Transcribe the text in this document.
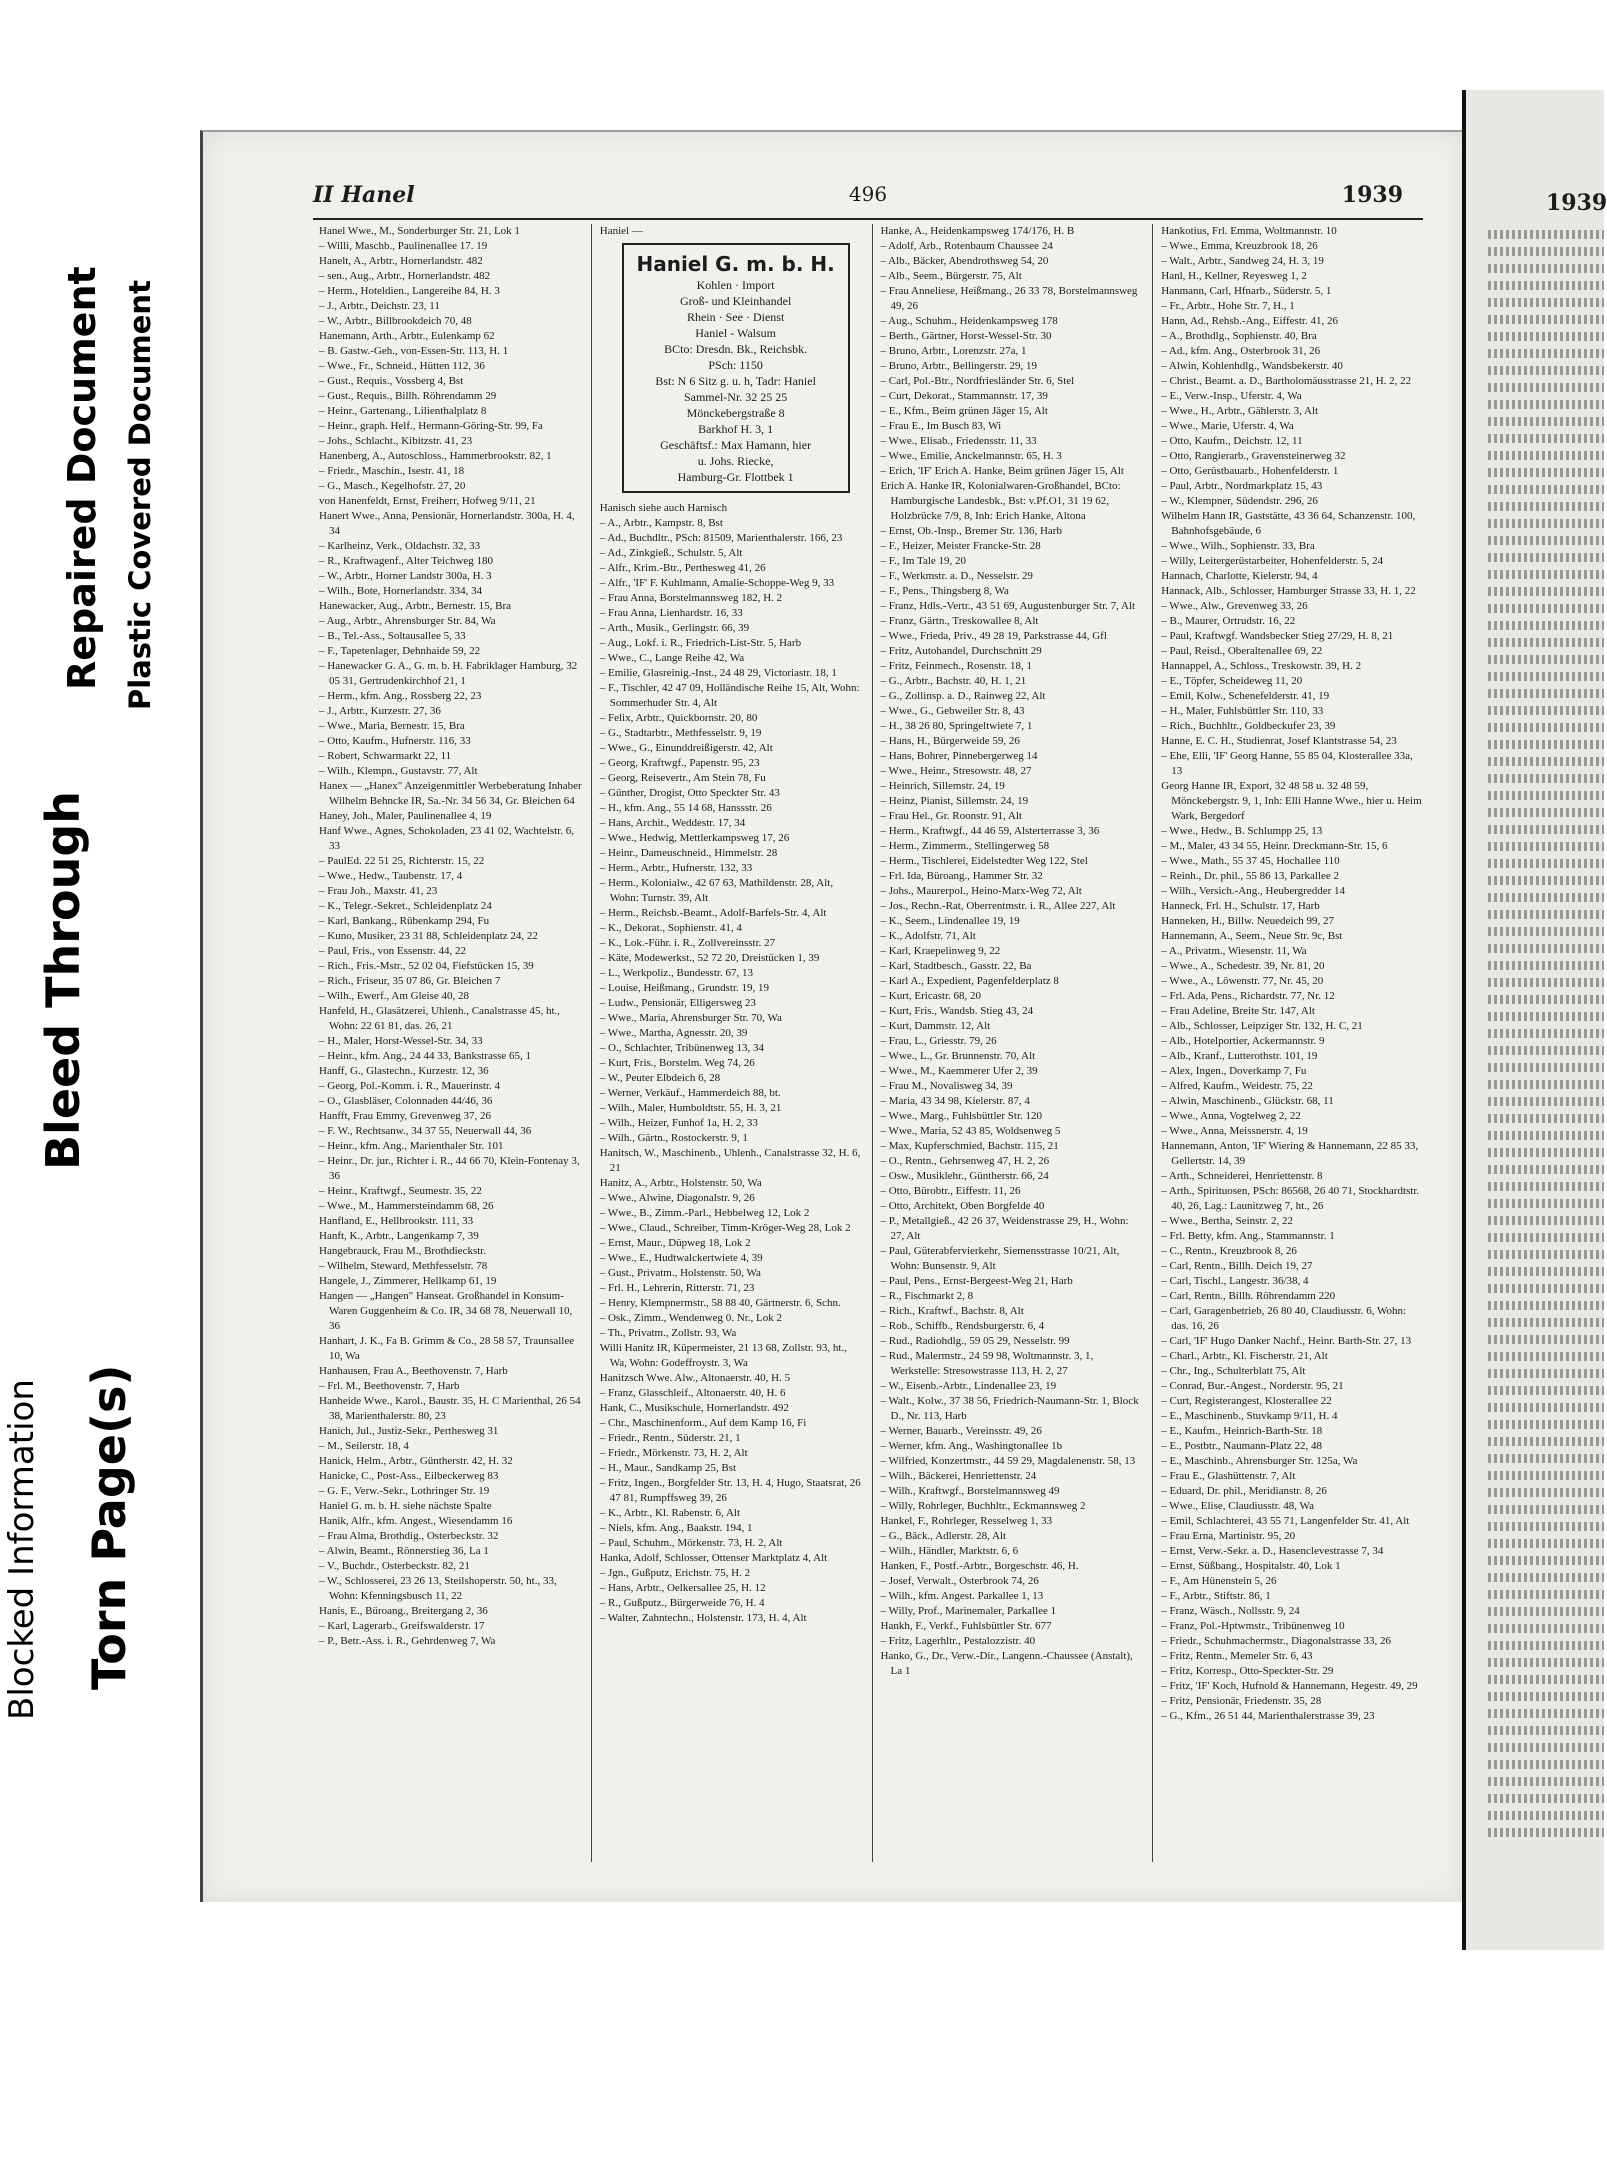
Blocked Information Torn Page(s)
Bleed Through
Repaired Document Plastic Covered Document
II Hanel	496	1939
Hanel Wwe., M., Sonderburger Str. 21, Lok 1
– Willi, Maschb., Paulinenallee 17. 19
Hanelt, A., Arbtr., Hornerlandstr. 482
– sen., Aug., Arbtr., Hornerlandstr. 482
– Herm., Hoteldien., Langereihe 84, H. 3
– J., Arbtr., Deichstr. 23, 11
– W., Arbtr., Billbrookdeich 70, 48
Hanemann, Arth., Arbtr., Eulenkamp 62
– B. Gastw.-Geh., von-Essen-Str. 113, H. 1
– Wwe., Fr., Schneid., Hütten 112, 36
– Gust., Requis., Vossberg 4, Bst
– Gust., Requis., Billh. Röhrendamm 29
– Heinr., Gartenang., Lilienthalplatz 8
– Heinr., graph. Helf., Hermann-Göring-Str. 99, Fa
– Johs., Schlacht., Kibitzstr. 41, 23
Hanenberg, A., Autoschloss., Hammerbrookstr. 82, 1
– Friedr., Maschin., Isestr. 41, 18
– G., Masch., Kegelhofstr. 27, 20
von Hanenfeldt, Ernst, Freiherr, Hofweg 9/11, 21
Hanert Wwe., Anna, Pensionär, Hornerlandstr. 300a, H. 4, 34
– Karlheinz, Verk., Oldachstr. 32, 33
– R., Kraftwagenf., Alter Teichweg 180
– W., Arbtr., Horner Landstr 300a, H. 3
– Wilh., Bote, Hornerlandstr. 334, 34
Hanewacker, Aug., Arbtr., Bernestr. 15, Bra
– Aug., Arbtr., Ahrensburger Str. 84, Wa
– B., Tel.-Ass., Soltausallee 5, 33
– F., Tapetenlager, Dehnhaide 59, 22
– Hanewacker G. A., G. m. b. H. Fabriklager Hamburg, 32 05 31, Gertrudenkirchhof 21, 1
– Herm., kfm. Ang., Rossberg 22, 23
– J., Arbtr., Kurzestr. 27, 36
– Wwe., Maria, Bernestr. 15, Bra
– Otto, Kaufm., Hufnerstr. 116, 33
– Robert, Schwarmarkt 22, 11
– Wilh., Klempn., Gustavstr. 77, Alt
Hanex — „Hanex" Anzeigenmittler Werbeberatung Inhaber Wilhelm Behncke IR, Sa.-Nr. 34 56 34, Gr. Bleichen 64
Haney, Joh., Maler, Paulinenallee 4, 19
Hanf Wwe., Agnes, Schokoladen, 23 41 02, Wachtelstr. 6, 33
– PaulEd. 22 51 25, Richterstr. 15, 22
– Wwe., Hedw., Taubenstr. 17, 4
– Frau Joh., Maxstr. 41, 23
– K., Telegr.-Sekret., Schleidenplatz 24
– Karl, Bankang., Rübenkamp 294, Fu
– Kuno, Musiker, 23 31 88, Schleidenplatz 24, 22
– Paul, Fris., von Essenstr. 44, 22
– Rich., Fris.-Mstr., 52 02 04, Fiefstücken 15, 39
– Rich., Friseur, 35 07 86, Gr. Bleichen 7
– Wilh., Ewerf., Am Gleise 40, 28
Hanfeld, H., Glasätzerei, Uhlenh., Canalstrasse 45, ht., Wohn: 22 61 81, das. 26, 21
– H., Maler, Horst-Wessel-Str. 34, 33
– Heinr., kfm. Ang., 24 44 33, Bankstrasse 65, 1
Hanff, G., Glastechn., Kurzestr. 12, 36
– Georg, Pol.-Komm. i. R., Mauerinstr. 4
– O., Glasbläser, Colonnaden 44/46, 36
Hanfft, Frau Emmy, Grevenweg 37, 26
– F. W., Rechtsanw., 34 37 55, Neuerwall 44, 36
– Heinr., kfm. Ang., Marienthaler Str. 101
– Heinr., Dr. jur., Richter i. R., 44 66 70, Klein-Fontenay 3, 36
– Heinr., Kraftwgf., Seumestr. 35, 22
– Wwe., M., Hammersteindamm 68, 26
Hanfland, E., Hellbrookstr. 111, 33
Hanft, K., Arbtr., Langenkamp 7, 39
Hangebrauck, Frau M., Brothdieckstr.
– Wilhelm, Steward, Methfesselstr. 78
Hangele, J., Zimmerer, Hellkamp 61, 19
Hangen — „Hangen" Hanseat. Großhandel in Konsum-Waren Guggenheim & Co. IR, 34 68 78, Neuerwall 10, 36
Hanhart, J. K., Fa B. Grimm & Co., 28 58 57, Traunsallee 10, Wa
Hanhausen, Frau A., Beethovenstr. 7, Harb
– Frl. M., Beethovenstr. 7, Harb
Hanheide Wwe., Karol., Baustr. 35, H. C Marienthal, 26 54 38, Marienthalerstr. 80, 23
Hanich, Jul., Justiz-Sekr., Perthesweg 31
– M., Seilerstr. 18, 4
Hanick, Helm., Arbtr., Güntherstr. 42, H. 32
Hanicke, C., Post-Ass., Eilbeckerweg 83
– G. F., Verw.-Sekr., Lothringer Str. 19
Haniel G. m. b. H. siehe nächste Spalte
Hanik, Alfr., kfm. Angest., Wiesendamm 16
– Frau Alma, Brothdig., Osterbeckstr. 32
– Alwin, Beamt., Rönnerstieg 36, La 1
– V., Buchdr., Osterbeckstr. 82, 21
– W., Schlosserei, 23 26 13, Steilshoperstr. 50, ht., 33, Wohn: Kfenningsbusch 11, 22
Hanis, E., Büroang., Breitergang 2, 36
– Karl, Lagerarb., Greifswalderstr. 17
– P., Betr.-Ass. i. R., Gehrdenweg 7, Wa
Haniel —
Haniel G. m. b. H.
Kohlen · Import
Groß- und Kleinhandel
Rhein · See · Dienst
Haniel - Walsum
BCto: Dresdn. Bk., Reichsbk.
PSch: 1150
Bst: N 6 Sitz g. u. h, Tadr: Haniel
Sammel-Nr. 32 25 25
Mönckebergstraße 8
Barkhof H. 3, 1
Geschäftsf.: Max Hamann, hier
u. Johs. Riecke,
Hamburg-Gr. Flottbek 1
Hanisch siehe auch Harnisch
– A., Arbtr., Kampstr. 8, Bst
– Ad., Buchdltr., PSch: 81509, Marienthalerstr. 166, 23
– Ad., Zinkgieß., Schulstr. 5, Alt
– Alfr., Krim.-Btr., Perthesweg 41, 26
– Alfr., 'IF' F. Kuhlmann, Amalie-Schoppe-Weg 9, 33
– Frau Anna, Borstelmannsweg 182, H. 2
– Frau Anna, Lienhardstr. 16, 33
– Arth., Musik., Gerlingstr. 66, 39
– Aug., Lokf. i. R., Friedrich-List-Str. 5, Harb
– Wwe., C., Lange Reihe 42, Wa
– Emilie, Glasreinig.-Inst., 24 48 29, Victoriastr. 18, 1
– F., Tischler, 42 47 09, Holländische Reihe 15, Alt, Wohn: Sommerhuder Str. 4, Alt
– Felix, Arbtr., Quickbornstr. 20, 80
– G., Stadtarbtr., Methfesselstr. 9, 19
– Wwe., G., Einunddreißigerstr. 42, Alt
– Georg, Kraftwgf., Papenstr. 95, 23
– Georg, Reisevertr., Am Stein 78, Fu
– Günther, Drogist, Otto Speckter Str. 43
– H., kfm. Ang., 55 14 68, Hanssstr. 26
– Hans, Archit., Weddestr. 17, 34
– Wwe., Hedwig, Mettlerkampsweg 17, 26
– Heinr., Dameuschneid., Himmelstr. 28
– Herm., Arbtr., Hufnerstr. 132, 33
– Herm., Kolonialw., 42 67 63, Mathildenstr. 28, Alt, Wohn: Turnstr. 39, Alt
– Herm., Reichsb.-Beamt., Adolf-Barfels-Str. 4, Alt
– K., Dekorat., Sophienstr. 41, 4
– K., Lok.-Führ. i. R., Zollvereinsstr. 27
– Käte, Modewerkst., 52 72 20, Dreistücken 1, 39
– L., Werkpoliz., Bundesstr. 67, 13
– Louise, Heißmang., Grundstr. 19, 19
– Ludw., Pensionär, Elligersweg 23
– Wwe., Maria, Ahrensburger Str. 70, Wa
– Wwe., Martha, Agnesstr. 20, 39
– O., Schlachter, Tribünenweg 13, 34
– Kurt, Fris., Borstelm. Weg 74, 26
– W., Peuter Elbdeich 6, 28
– Werner, Verkäuf., Hammerdeich 88, bt.
– Wilh., Maler, Humboldtstr. 55, H. 3, 21
– Wilh., Heizer, Funhof 1a, H. 2, 33
– Wilh., Gärtn., Rostockerstr. 9, 1
Hanitsch, W., Maschinenb., Uhlenh., Canalstrasse 32, H. 6, 21
Hanitz, A., Arbtr., Holstenstr. 50, Wa
– Wwe., Alwine, Diagonalstr. 9, 26
– Wwe., B., Zimm.-Parl., Hebbelweg 12, Lok 2
– Wwe., Claud., Schreiber, Timm-Kröger-Weg 28, Lok 2
– Ernst, Maur., Düpweg 18, Lok 2
– Wwe., E., Hudtwalckertwiete 4, 39
– Gust., Privatm., Holstenstr. 50, Wa
– Frl. H., Lehrerin, Ritterstr. 71, 23
– Henry, Klempnermstr., 58 88 40, Gärtnerstr. 6, Schn.
– Osk., Zimm., Wendenweg 0. Nr., Lok 2
– Th., Privatm., Zollstr. 93, Wa
Willi Hanitz IR, Küpermeister, 21 13 68, Zollstr. 93, ht., Wa, Wohn: Godeffroystr. 3, Wa
Hanitzsch Wwe. Alw., Altonaerstr. 40, H. 5
– Franz, Glasschleif., Altonaerstr. 40, H. 6
Hank, C., Musikschule, Hornerlandstr. 492
– Chr., Maschinenform., Auf dem Kamp 16, Fi
– Friedr., Rentn., Süderstr. 21, 1
– Friedr., Mörkenstr. 73, H. 2, Alt
– H., Maur., Sandkamp 25, Bst
– Fritz, Ingen., Borgfelder Str. 13, H. 4, Hugo, Staatsrat, 26 47 81, Rumpffsweg 39, 26
– K., Arbtr., Kl. Rabenstr. 6, Alt
– Niels, kfm. Ang., Baakstr. 194, 1
– Paul, Schuhm., Mörkenstr. 73, H. 2, Alt
Hanka, Adolf, Schlosser, Ottenser Marktplatz 4, Alt
– Jgn., Gußputz, Erichstr. 75, H. 2
– Hans, Arbtr., Oelkersallee 25, H. 12
– R., Gußputz., Bürgerweide 76, H. 4
– Walter, Zahntechn., Holstenstr. 173, H. 4, Alt
Hanke, A., Heidenkampsweg 174/176, H. B
– Adolf, Arb., Rotenbaum Chaussee 24
– Alb., Bäcker, Abendrothsweg 54, 20
– Alb., Seem., Bürgerstr. 75, Alt
– Frau Anneliese, Heißmang., 26 33 78, Borstelmannsweg 49, 26
– Aug., Schuhm., Heidenkampsweg 178
– Berth., Gärtner, Horst-Wessel-Str. 30
– Bruno, Arbtr., Lorenzstr. 27a, 1
– Bruno, Arbtr., Bellingerstr. 29, 19
– Carl, Pol.-Btr., Nordfriesländer Str. 6, Stel
– Curt, Dekorat., Stammannstr. 17, 39
– E., Kfm., Beim grünen Jäger 15, Alt
– Frau E., Im Busch 83, Wi
– Wwe., Elisab., Friedensstr. 11, 33
– Wwe., Emilie, Anckelmannstr. 65, H. 3
– Erich, 'IF' Erich A. Hanke, Beim grünen Jäger 15, Alt
Erich A. Hanke IR, Kolonialwaren-Großhandel, BCto: Hamburgische Landesbk., Bst: v.Pf.O1, 31 19 62, Holzbrücke 7/9, 8, Inh: Erich Hanke, Altona
– Ernst, Ob.-Insp., Bremer Str. 136, Harb
– F., Heizer, Meister Francke-Str. 28
– F., Im Tale 19, 20
– F., Werkmstr. a. D., Nesselstr. 29
– F., Pens., Thingsberg 8, Wa
– Franz, Hdls.-Vertr., 43 51 69, Augustenburger Str. 7, Alt
– Franz, Gärtn., Treskowallee 8, Alt
– Wwe., Frieda, Priv., 49 28 19, Parkstrasse 44, Gfl
– Fritz, Autohandel, Durchschnitt 29
– Fritz, Feinmech., Rosenstr. 18, 1
– G., Arbtr., Bachstr. 40, H. 1, 21
– G., Zollinsp. a. D., Rainweg 22, Alt
– Wwe., G., Gebweiler Str. 8, 43
– H., 38 26 80, Springeltwiete 7, 1
– Hans, H., Bürgerweide 59, 26
– Hans, Bohrer, Pinnebergerweg 14
– Wwe., Heinr., Stresowstr. 48, 27
– Heinrich, Sillemstr. 24, 19
– Heinz, Pianist, Sillemstr. 24, 19
– Frau Hel., Gr. Roonstr. 91, Alt
– Herm., Kraftwgf., 44 46 59, Alsterterrasse 3, 36
– Herm., Zimmerm., Stellingerweg 58
– Herm., Tischlerei, Eidelstedter Weg 122, Stel
– Frl. Ida, Büroang., Hammer Str. 32
– Johs., Maurerpol., Heino-Marx-Weg 72, Alt
– Jos., Rechn.-Rat, Oberrentmstr. i. R., Allee 227, Alt
– K., Seem., Lindenallee 19, 19
– K., Adolfstr. 71, Alt
– Karl, Kraepelinweg 9, 22
– Karl, Stadtbesch., Gasstr. 22, Ba
– Karl A., Expedient, Pagenfelderplatz 8
– Kurt, Ericastr. 68, 20
– Kurt, Fris., Wandsb. Stieg 43, 24
– Kurt, Dammstr. 12, Alt
– Frau, L., Griesstr. 79, 26
– Wwe., L., Gr. Brunnenstr. 70, Alt
– Wwe., M., Kaemmerer Ufer 2, 39
– Frau M., Novalisweg 34, 39
– Maria, 43 34 98, Kielerstr. 87, 4
– Wwe., Marg., Fuhlsbüttler Str. 120
– Wwe., Maria, 52 43 85, Woldsenweg 5
– Max, Kupferschmied, Bachstr. 115, 21
– O., Rentn., Gehrsenweg 47, H. 2, 26
– Osw., Musiklehr., Güntherstr. 66, 24
– Otto, Bürobtr., Eiffestr. 11, 26
– Otto, Architekt, Oben Borgfelde 40
– P., Metallgieß., 42 26 37, Weidenstrasse 29, H., Wohn: 27, Alt
– Paul, Güterabfervierkehr, Siemensstrasse 10/21, Alt, Wohn: Bunsenstr. 9, Alt
– Paul, Pens., Ernst-Bergeest-Weg 21, Harb
– R., Fischmarkt 2, 8
– Rich., Kraftwf., Bachstr. 8, Alt
– Rob., Schiffb., Rendsburgerstr. 6, 4
– Rud., Radiohdlg., 59 05 29, Nesselstr. 99
– Rud., Malermstr., 24 59 98, Woltmannstr. 3, 1, Werkstelle: Stresowstrasse 113, H. 2, 27
– W., Eisenb.-Arbtr., Lindenallee 23, 19
– Walt., Kolw., 37 38 56, Friedrich-Naumann-Str. 1, Block D., Nr. 113, Harb
– Werner, Bauarb., Vereinsstr. 49, 26
– Werner, kfm. Ang., Washingtonallee 1b
– Wilfried, Konzertmstr., 44 59 29, Magdalenenstr. 58, 13
– Wilh., Bäckerei, Henriettenstr. 24
– Wilh., Kraftwgf., Borstelmannsweg 49
– Willy, Rohrleger, Buchhltr., Eckmannsweg 2
Hankel, F., Rohrleger, Resselweg 1, 33
– G., Bäck., Adlerstr. 28, Alt
– Wilh., Händler, Marktstr. 6, 6
Hanken, F., Postf.-Arbtr., Borgeschstr. 46, H.
– Josef, Verwalt., Osterbrook 74, 26
– Wilh., kfm. Angest. Parkallee 1, 13
– Willy, Prof., Marinemaler, Parkallee 1
Hankh, F., Verkf., Fuhlsbüttler Str. 677
– Fritz, Lagerhltr., Pestalozzistr. 40
Hanko, G., Dr., Verw.-Dir., Langenn.-Chaussee (Anstalt), La 1
Hankotius, Frl. Emma, Woltmannstr. 10
– Wwe., Emma, Kreuzbrook 18, 26
– Walt., Arbtr., Sandweg 24, H. 3, 19
Hanl, H., Kellner, Reyesweg 1, 2
Hanmann, Carl, Hfnarb., Süderstr. 5, 1
– Fr., Arbtr., Hohe Str. 7, H., 1
Hann, Ad., Rehsb.-Ang., Eiffestr. 41, 26
– A., Brothdlg., Sophienstr. 40, Bra
– Ad., kfm. Ang., Osterbrook 31, 26
– Alwin, Kohlenhdlg., Wandsbekerstr. 40
– Christ., Beamt. a. D., Bartholomäusstrasse 21, H. 2, 22
– E., Verw.-Insp., Uferstr. 4, Wa
– Wwe., H., Arbtr., Gählerstr. 3, Alt
– Wwe., Marie, Uferstr. 4, Wa
– Otto, Kaufm., Deichstr. 12, 11
– Otto, Rangierarb., Gravensteinerweg 32
– Otto, Gerüstbauarb., Hohenfelderstr. 1
– Paul, Arbtr., Nordmarkplatz 15, 43
– W., Klempner, Südendstr. 296, 26
Wilhelm Hann IR, Gaststätte, 43 36 64, Schanzenstr. 100, Bahnhofsgebäude, 6
– Wwe., Wilh., Sophienstr. 33, Bra
– Willy, Leitergerüstarbeiter, Hohenfelderstr. 5, 24
Hannach, Charlotte, Kielerstr. 94, 4
Hannack, Alb., Schlosser, Hamburger Strasse 33, H. 1, 22
– Wwe., Alw., Grevenweg 33, 26
– B., Maurer, Ortrudstr. 16, 22
– Paul, Kraftwgf. Wandsbecker Stieg 27/29, H. 8, 21
– Paul, Reisd., Oberaltenallee 69, 22
Hannappel, A., Schloss., Treskowstr. 39, H. 2
– E., Töpfer, Scheideweg 11, 20
– Emil, Kolw., Schenefelderstr. 41, 19
– H., Maler, Fuhlsbüttler Str. 110, 33
– Rich., Buchhltr., Goldbeckufer 23, 39
Hanne, E. C. H., Studienrat, Josef Klantstrasse 54, 23
– Ehe, Elli, 'IF' Georg Hanne, 55 85 04, Klosterallee 33a, 13
Georg Hanne IR, Export, 32 48 58 u. 32 48 59, Mönckebergstr. 9, 1, Inh: Elli Hanne Wwe., hier u. Heim Wark, Bergedorf
– Wwe., Hedw., B. Schlumpp 25, 13
– M., Maler, 43 34 55, Heinr. Dreckmann-Str. 15, 6
– Wwe., Math., 55 37 45, Hochallee 110
– Reinh., Dr. phil., 55 86 13, Parkallee 2
– Wilh., Versich.-Ang., Heubergredder 14
Hanneck, Frl. H., Schulstr. 17, Harb
Hanneken, H., Billw. Neuedeich 99, 27
Hannemann, A., Seem., Neue Str. 9c, Bst
– A., Privatm., Wiesenstr. 11, Wa
– Wwe., A., Schedestr. 39, Nr. 81, 20
– Wwe., A., Löwenstr. 77, Nr. 45, 20
– Frl. Ada, Pens., Richardstr. 77, Nr. 12
– Frau Adeline, Breite Str. 147, Alt
– Alb., Schlosser, Leipziger Str. 132, H. C, 21
– Alb., Hotelportier, Ackermannstr. 9
– Alb., Kranf., Lutterothstr. 101, 19
– Alex, Ingen., Doverkamp 7, Fu
– Alfred, Kaufm., Weidestr. 75, 22
– Alwin, Maschinenb., Glückstr. 68, 11
– Wwe., Anna, Vogtelweg 2, 22
– Wwe., Anna, Meissnerstr. 4, 19
Hannemann, Anton, 'IF' Wiering & Hannemann, 22 85 33, Gellertstr. 14, 39
– Arth., Schneiderei, Henriettenstr. 8
– Arth., Spirituosen, PSch: 86568, 26 40 71, Stockhardtstr. 40, 26, Lag.: Launitzweg 7, ht., 26
– Wwe., Bertha, Seinstr. 2, 22
– Frl. Betty, kfm. Ang., Stammannstr. 1
– C., Rentn., Kreuzbrook 8, 26
– Carl, Rentn., Billh. Deich 19, 27
– Carl, Tischl., Langestr. 36/38, 4
– Carl, Rentn., Billh. Röhrendamm 220
– Carl, Garagenbetrieb, 26 80 40, Claudiusstr. 6, Wohn: das. 16, 26
– Carl, 'IF' Hugo Danker Nachf., Heinr. Barth-Str. 27, 13
– Charl., Arbtr., Kl. Fischerstr. 21, Alt
– Chr., Ing., Schulterblatt 75, Alt
– Conrad, Bur.-Angest., Norderstr. 95, 21
– Curt, Registerangest, Klosterallee 22
– E., Maschinenb., Stuvkamp 9/11, H. 4
– E., Kaufm., Heinrich-Barth-Str. 18
– E., Postbtr., Naumann-Platz 22, 48
– E., Maschinb., Ahrensburger Str. 125a, Wa
– Frau E., Glashüttenstr. 7, Alt
– Eduard, Dr. phil., Meridianstr. 8, 26
– Wwe., Elise, Claudiusstr. 48, Wa
– Emil, Schlachterei, 43 55 71, Langenfelder Str. 41, Alt
– Frau Erna, Martinistr. 95, 20
– Ernst, Verw.-Sekr. a. D., Hasenclevestrasse 7, 34
– Ernst, Süßbang., Hospitalstr. 40, Lok 1
– F., Am Hünenstein 5, 26
– F., Arbtr., Stiftstr. 86, 1
– Franz, Wäsch., Nollsstr. 9, 24
– Franz, Pol.-Hptwmstr., Tribünenweg 10
– Friedr., Schuhmachermstr., Diagonalstrasse 33, 26
– Fritz, Rentn., Memeler Str. 6, 43
– Fritz, Korresp., Otto-Speckter-Str. 29
– Fritz, 'IF' Koch, Hufnold & Hannemann, Hegestr. 49, 29
– Fritz, Pensionär, Friedenstr. 35, 28
– G., Kfm., 26 51 44, Marienthalerstrasse 39, 23
1939
